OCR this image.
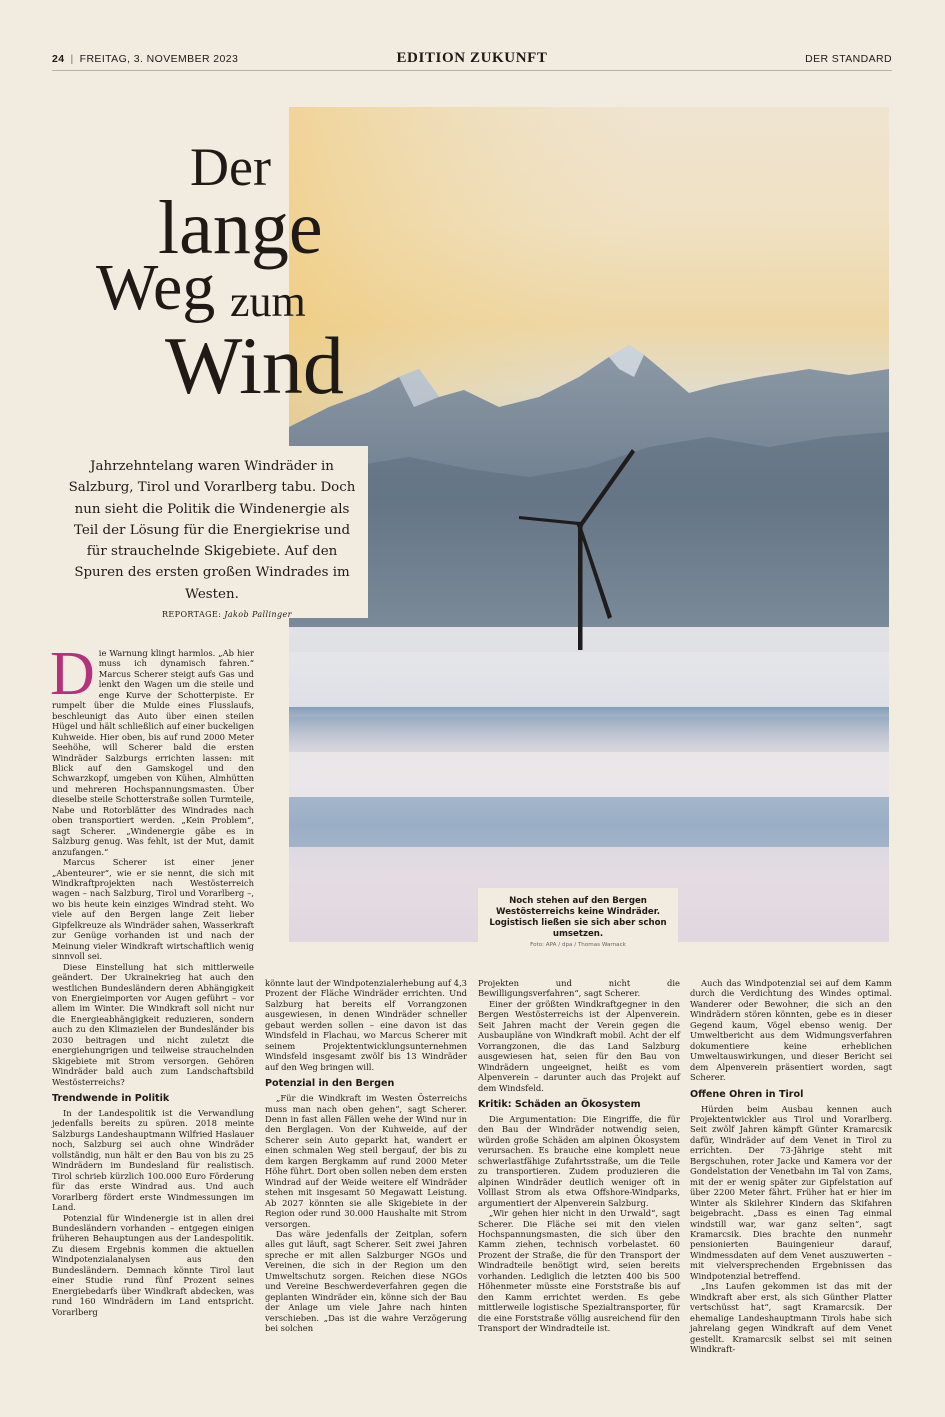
24 | FREITAG, 3. NOVEMBER 2023	EDITION ZUKUNFT	DER STANDARD
Noch stehen auf den Bergen Westösterreichs keine Windräder. Logistisch ließen sie sich aber schon umsetzen.
Foto: APA / dpa / Thomas Warnack
Der
lange
Weg zum
Wind
Jahrzehntelang waren Windräder in Salzburg, Tirol und Vorarlberg tabu. Doch nun sieht die Politik die Windenergie als Teil der Lösung für die Energiekrise und für strauchelnde Skigebiete. Auf den Spuren des ersten großen Windrades im Westen.
REPORTAGE: Jakob Pallinger

Die Warnung klingt harmlos. „Ab hier muss ich dynamisch fahren.“ Marcus Scherer steigt aufs Gas und lenkt den Wagen um die steile und enge Kurve der Schotterpiste. Er rumpelt über die Mulde eines Flusslaufs, beschleunigt das Auto über einen steilen Hügel und hält schließlich auf einer buckeligen Kuhweide. Hier oben, bis auf rund 2000 Meter Seehöhe, will Scherer bald die ersten Windräder Salzburgs errichten lassen: mit Blick auf den Gamskogel und den Schwarzkopf, umgeben von Kühen, Almhütten und mehreren Hochspannungsmasten. Über dieselbe steile Schotterstraße sollen Turmteile, Nabe und Rotorblätter des Windrades nach oben transportiert werden. „Kein Problem“, sagt Scherer. „Windenergie gäbe es in Salzburg genug. Was fehlt, ist der Mut, damit anzufangen.“

Marcus Scherer ist einer jener „Abenteurer“, wie er sie nennt, die sich mit Windkraftprojekten nach Westösterreich wagen – nach Salzburg, Tirol und Vorarlberg –, wo bis heute kein einziges Windrad steht. Wo viele auf den Bergen lange Zeit lieber Gipfelkreuze als Windräder sahen, Wasserkraft zur Genüge vorhanden ist und nach der Meinung vieler Windkraft wirtschaftlich wenig sinnvoll sei.

Diese Einstellung hat sich mittlerweile geändert. Der Ukrainekrieg hat auch den westlichen Bundesländern deren Abhängigkeit von Energieimporten vor Augen geführt – vor allem im Winter. Die Windkraft soll nicht nur die Energieabhängigkeit reduzieren, sondern auch zu den Klimazielen der Bundesländer bis 2030 beitragen und nicht zuletzt die energiehungrigen und teilweise strauchelnden Skigebiete mit Strom versorgen. Gehören Windräder bald auch zum Landschaftsbild Westösterreichs?

Trendwende in Politik

In der Landespolitik ist die Verwandlung jedenfalls bereits zu spüren. 2018 meinte Salzburgs Landeshauptmann Wilfried Haslauer noch, Salzburg sei auch ohne Windräder vollständig, nun hält er den Bau von bis zu 25 Windrädern im Bundesland für realistisch. Tirol schrieb kürzlich 100.000 Euro Förderung für das erste Windrad aus. Und auch Vorarlberg fördert erste Windmessungen im Land.

Potenzial für Windenergie ist in allen drei Bundesländern vorhanden – entgegen einigen früheren Behauptungen aus der Landespolitik. Zu diesem Ergebnis kommen die aktuellen Windpotenzialanalysen aus den Bundesländern. Demnach könnte Tirol laut einer Studie rund fünf Prozent seines Energiebedarfs über Windkraft abdecken, was rund 160 Windrädern im Land entspricht. Vorarlberg

könnte laut der Windpotenzialerhebung auf 4,3 Prozent der Fläche Windräder errichten. Und Salzburg hat bereits elf Vorrangzonen ausgewiesen, in denen Windräder schneller gebaut werden sollen – eine davon ist das Windsfeld in Flachau, wo Marcus Scherer mit seinem Projektentwicklungsunternehmen Windsfeld insgesamt zwölf bis 13 Windräder auf den Weg bringen will.

Potenzial in den Bergen

„Für die Windkraft im Westen Österreichs muss man nach oben gehen“, sagt Scherer. Denn in fast allen Fällen wehe der Wind nur in den Berglagen. Von der Kuhweide, auf der Scherer sein Auto geparkt hat, wandert er einen schmalen Weg steil bergauf, der bis zu dem kargen Bergkamm auf rund 2000 Meter Höhe führt. Dort oben sollen neben dem ersten Windrad auf der Weide weitere elf Windräder stehen mit insgesamt 50 Megawatt Leistung. Ab 2027 könnten sie alle Skigebiete in der Region oder rund 30.000 Haushalte mit Strom versorgen.

Das wäre jedenfalls der Zeitplan, sofern alles gut läuft, sagt Scherer. Seit zwei Jahren spreche er mit allen Salzburger NGOs und Vereinen, die sich in der Region um den Umweltschutz sorgen. Reichen diese NGOs und Vereine Beschwerdeverfahren gegen die geplanten Windräder ein, könne sich der Bau der Anlage um viele Jahre nach hinten verschieben. „Das ist die wahre Verzögerung bei solchen

Projekten und nicht die Bewilligungsverfahren“, sagt Scherer.

Einer der größten Windkraftgegner in den Bergen Westösterreichs ist der Alpenverein. Seit Jahren macht der Verein gegen die Ausbaupläne von Windkraft mobil. Acht der elf Vorrangzonen, die das Land Salzburg ausgewiesen hat, seien für den Bau von Windrädern ungeeignet, heißt es vom Alpenverein – darunter auch das Projekt auf dem Windsfeld.

Kritik: Schäden an Ökosystem

Die Argumentation: Die Eingriffe, die für den Bau der Windräder notwendig seien, würden große Schäden am alpinen Ökosystem verursachen. Es brauche eine komplett neue schwerlastfähige Zufahrtsstraße, um die Teile zu transportieren. Zudem produzieren die alpinen Windräder deutlich weniger oft in Volllast Strom als etwa Offshore-Windparks, argumentiert der Alpenverein Salzburg.

„Wir gehen hier nicht in den Urwald“, sagt Scherer. Die Fläche sei mit den vielen Hochspannungsmasten, die sich über den Kamm ziehen, technisch vorbelastet. 60 Prozent der Straße, die für den Transport der Windradteile benötigt wird, seien bereits vorhanden. Lediglich die letzten 400 bis 500 Höhenmeter müsste eine Forststraße bis auf den Kamm errichtet werden. Es gebe mittlerweile logistische Spezialtransporter, für die eine Forststraße völlig ausreichend für den Transport der Windradteile ist.

Auch das Windpotenzial sei auf dem Kamm durch die Verdichtung des Windes optimal. Wanderer oder Bewohner, die sich an den Windrädern stören könnten, gebe es in dieser Gegend kaum, Vögel ebenso wenig. Der Umweltbericht aus dem Widmungsverfahren dokumentiere keine erheblichen Umweltauswirkungen, und dieser Bericht sei dem Alpenverein präsentiert worden, sagt Scherer.

Offene Ohren in Tirol

Hürden beim Ausbau kennen auch Projektentwickler aus Tirol und Vorarlberg. Seit zwölf Jahren kämpft Günter Kramarcsik dafür, Windräder auf dem Venet in Tirol zu errichten. Der 73-Jährige steht mit Bergschuhen, roter Jacke und Kamera vor der Gondelstation der Venetbahn im Tal von Zams, mit der er wenig später zur Gipfelstation auf über 2200 Meter fährt. Früher hat er hier im Winter als Skilehrer Kindern das Skifahren beigebracht. „Dass es einen Tag einmal windstill war, war ganz selten“, sagt Kramarcsik. Dies brachte den nunmehr pensionierten Bauingenieur darauf, Windmessdaten auf dem Venet auszuwerten – mit vielversprechenden Ergebnissen das Windpotenzial betreffend.

„Ins Laufen gekommen ist das mit der Windkraft aber erst, als sich Günther Platter vertschüsst hat“, sagt Kramarcsik. Der ehemalige Landeshauptmann Tirols habe sich jahrelang gegen Windkraft auf dem Venet gestellt. Kramarcsik selbst sei mit seinen Windkraft-
